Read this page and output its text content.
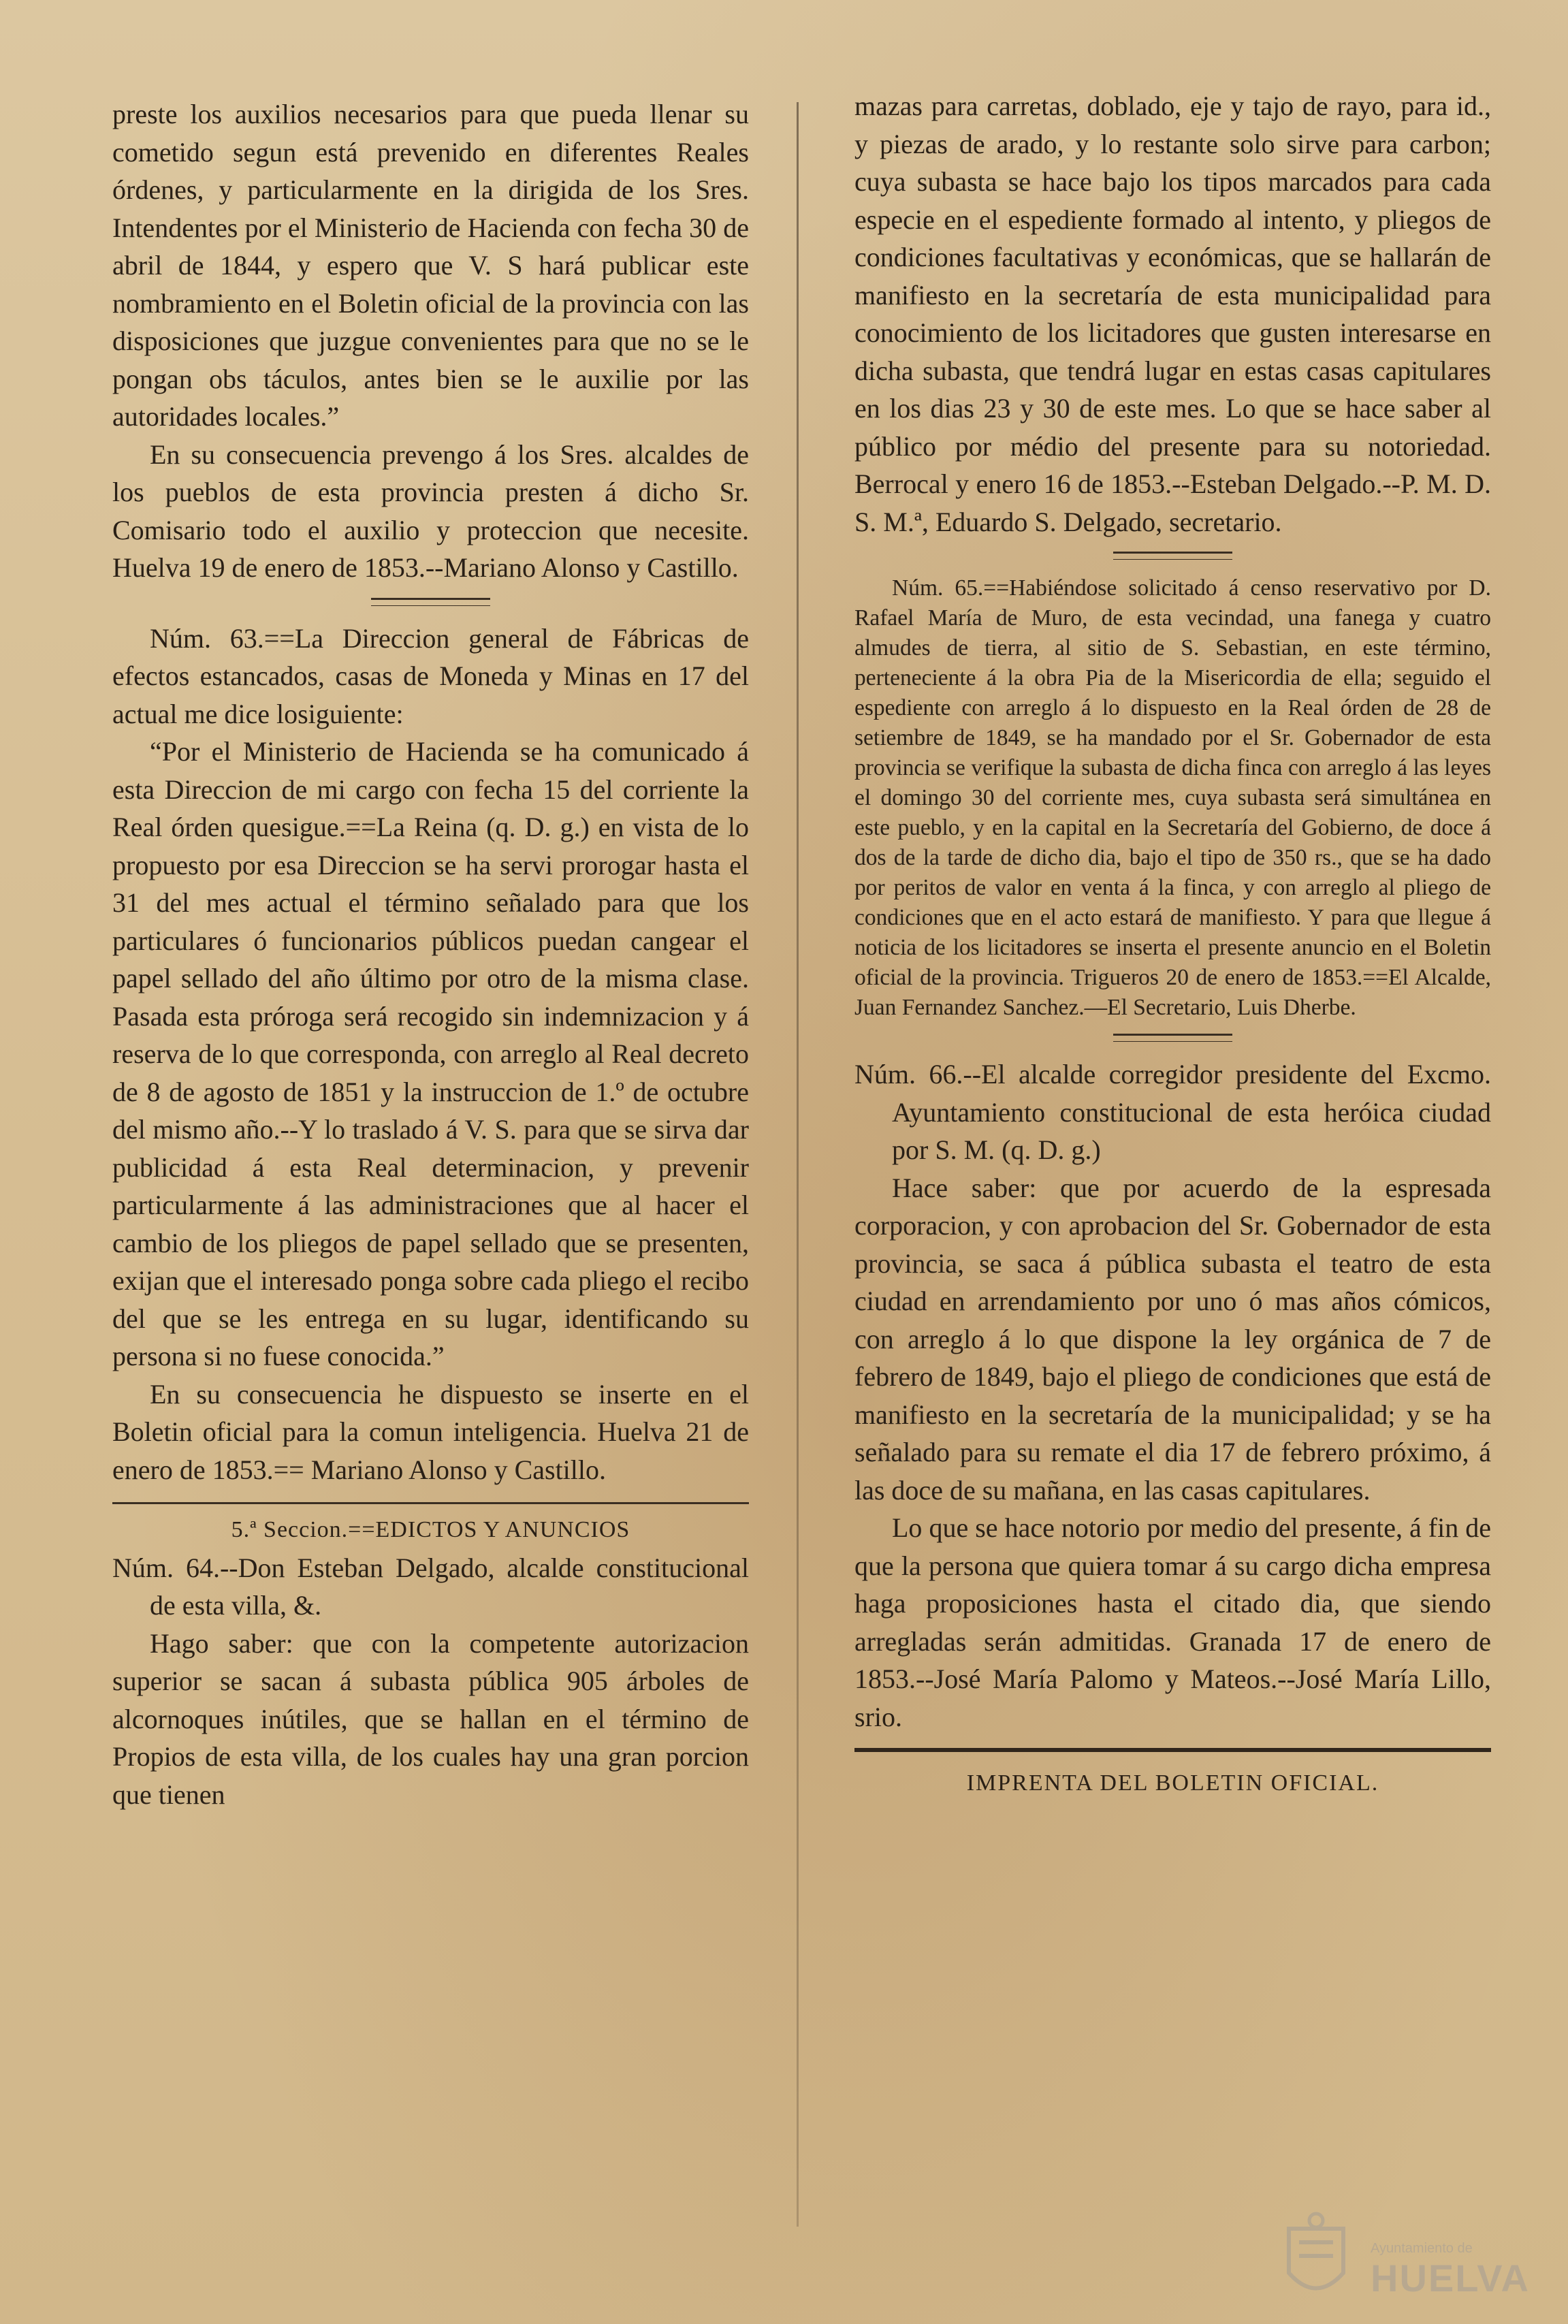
preste los auxilios necesarios para que pueda llenar su cometido segun está prevenido en diferentes Reales órdenes, y particularmente en la dirigida de los Sres. Intendentes por el Ministerio de Hacienda con fecha 30 de abril de 1844, y espero que V. S hará publicar este nombramiento en el Boletin oficial de la provincia con las disposiciones que juzgue convenientes para que no se le pongan obs táculos, antes bien se le auxilie por las autoridades locales.”

En su consecuencia prevengo á los Sres. alcaldes de los pueblos de esta provincia presten á dicho Sr. Comisario todo el auxilio y proteccion que necesite. Huelva 19 de enero de 1853.--Mariano Alonso y Castillo.

Núm. 63.==La Direccion general de Fábricas de efectos estancados, casas de Moneda y Minas en 17 del actual me dice losiguiente:

“Por el Ministerio de Hacienda se ha comunicado á esta Direccion de mi cargo con fecha 15 del corriente la Real órden quesigue.==La Reina (q. D. g.) en vista de lo propuesto por esa Direccion se ha servi prorogar hasta el 31 del mes actual el término señalado para que los particulares ó funcionarios públicos puedan cangear el papel sellado del año último por otro de la misma clase. Pasada esta próroga será recogido sin indemnizacion y á reserva de lo que corresponda, con arreglo al Real decreto de 8 de agosto de 1851 y la instruccion de 1.º de octubre del mismo año.--Y lo traslado á V. S. para que se sirva dar publicidad á esta Real determinacion, y prevenir particularmente á las administraciones que al hacer el cambio de los pliegos de papel sellado que se presenten, exijan que el interesado ponga sobre cada pliego el recibo del que se les entrega en su lugar, identificando su persona si no fuese conocida.”

En su consecuencia he dispuesto se inserte en el Boletin oficial para la comun inteligencia. Huelva 21 de enero de 1853.== Mariano Alonso y Castillo.

5.ª Seccion.==EDICTOS Y ANUNCIOS

Núm. 64.--Don Esteban Delgado, alcalde constitucional de esta villa, &.

Hago saber: que con la competente autorizacion superior se sacan á subasta pública 905 árboles de alcornoques inútiles, que se hallan en el término de Propios de esta villa, de los cuales hay una gran porcion que tienen

mazas para carretas, doblado, eje y tajo de rayo, para id., y piezas de arado, y lo restante solo sirve para carbon; cuya subasta se hace bajo los tipos marcados para cada especie en el espediente formado al intento, y pliegos de condiciones facultativas y económicas, que se hallarán de manifiesto en la secretaría de esta municipalidad para conocimiento de los licitadores que gusten interesarse en dicha subasta, que tendrá lugar en estas casas capitulares en los dias 23 y 30 de este mes. Lo que se hace saber al público por médio del presente para su notoriedad. Berrocal y enero 16 de 1853.--Esteban Delgado.--P. M. D. S. M.ª, Eduardo S. Delgado, secretario.

Núm. 65.==Habiéndose solicitado á censo reservativo por D. Rafael María de Muro, de esta vecindad, una fanega y cuatro almudes de tierra, al sitio de S. Sebastian, en este término, perteneciente á la obra Pia de la Misericordia de ella; seguido el espediente con arreglo á lo dispuesto en la Real órden de 28 de setiembre de 1849, se ha mandado por el Sr. Gobernador de esta provincia se verifique la subasta de dicha finca con arreglo á las leyes el domingo 30 del corriente mes, cuya subasta será simultánea en este pueblo, y en la capital en la Secretaría del Gobierno, de doce á dos de la tarde de dicho dia, bajo el tipo de 350 rs., que se ha dado por peritos de valor en venta á la finca, y con arreglo al pliego de condiciones que en el acto estará de manifiesto. Y para que llegue á noticia de los licitadores se inserta el presente anuncio en el Boletin oficial de la provincia. Trigueros 20 de enero de 1853.==El Alcalde, Juan Fernandez Sanchez.—El Secretario, Luis Dherbe.

Núm. 66.--El alcalde corregidor presidente del Excmo. Ayuntamiento constitucional de esta heróica ciudad por S. M. (q. D. g.)

Hace saber: que por acuerdo de la espresada corporacion, y con aprobacion del Sr. Gobernador de esta provincia, se saca á pública subasta el teatro de esta ciudad en arrendamiento por uno ó mas años cómicos, con arreglo á lo que dispone la ley orgánica de 7 de febrero de 1849, bajo el pliego de condiciones que está de manifiesto en la secretaría de la municipalidad; y se ha señalado para su remate el dia 17 de febrero próximo, á las doce de su mañana, en las casas capitulares.

Lo que se hace notorio por medio del presente, á fin de que la persona que quiera tomar á su cargo dicha empresa haga proposiciones hasta el citado dia, que siendo arregladas serán admitidas. Granada 17 de enero de 1853.--José María Palomo y Mateos.--José María Lillo, srio.

IMPRENTA DEL BOLETIN OFICIAL.

Ayuntamiento de
HUELVA
